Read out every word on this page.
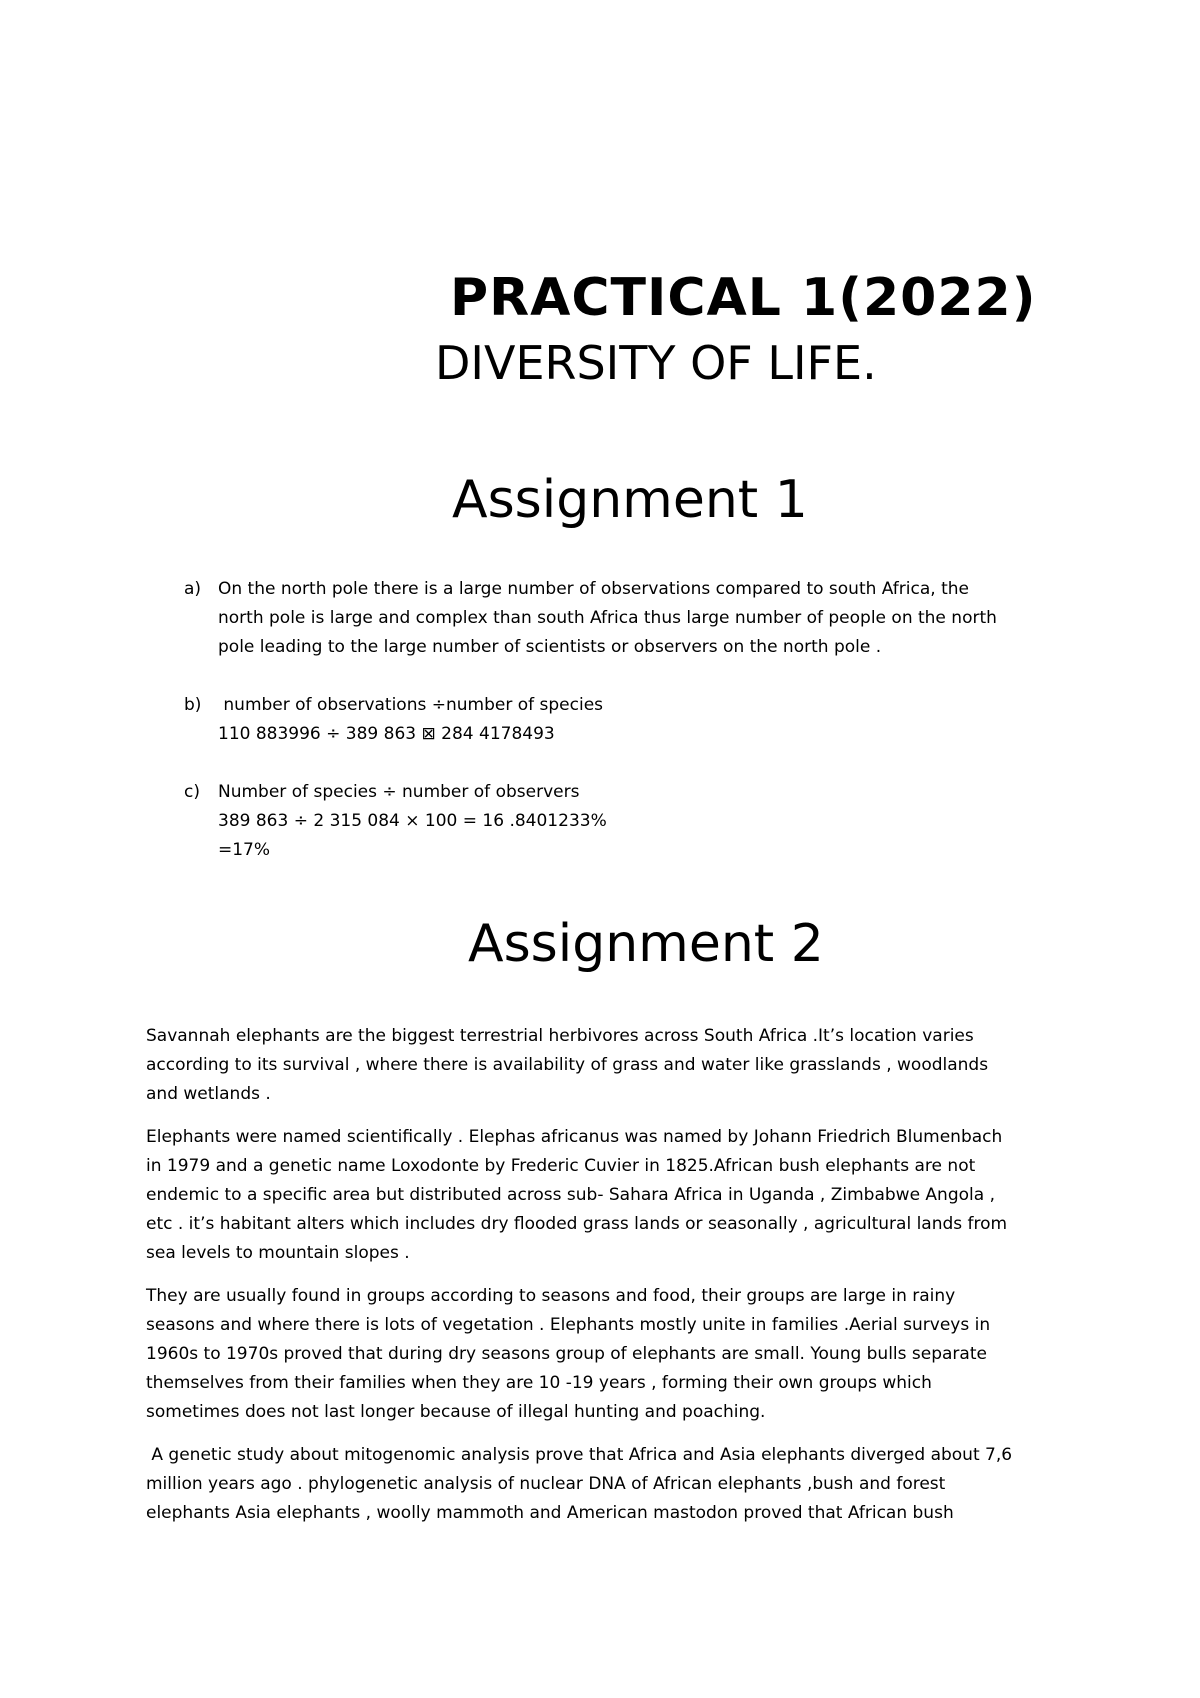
PRACTICAL 1(2022)
DIVERSITY OF LIFE.
Assignment 1
a) On the north pole there is a large number of observations compared to south Africa, the
north pole is large and complex than south Africa thus large number of people on the north
pole leading to the large number of scientists or observers on the north pole .
b) number of observations ÷number of species
110 883996 ÷ 389 863 ⊠ 284 4178493
c) Number of species ÷ number of observers
389 863 ÷ 2 315 084 × 100 = 16 .8401233%
=17%
Assignment 2

Savannah elephants are the biggest terrestrial herbivores across South Africa .It’s location varies
according to its survival , where there is availability of grass and water like grasslands , woodlands
and wetlands .

Elephants were named scientifically . Elephas africanus was named by Johann Friedrich Blumenbach
in 1979 and a genetic name Loxodonte by Frederic Cuvier in 1825.African bush elephants are not
endemic to a specific area but distributed across sub- Sahara Africa in Uganda , Zimbabwe Angola ,
etc . it’s habitant alters which includes dry flooded grass lands or seasonally , agricultural lands from
sea levels to mountain slopes .

They are usually found in groups according to seasons and food, their groups are large in rainy
seasons and where there is lots of vegetation . Elephants mostly unite in families .Aerial surveys in
1960s to 1970s proved that during dry seasons group of elephants are small. Young bulls separate
themselves from their families when they are 10 -19 years , forming their own groups which
sometimes does not last longer because of illegal hunting and poaching.

A genetic study about mitogenomic analysis prove that Africa and Asia elephants diverged about 7,6
million years ago . phylogenetic analysis of nuclear DNA of African elephants ,bush and forest
elephants Asia elephants , woolly mammoth and American mastodon proved that African bush
